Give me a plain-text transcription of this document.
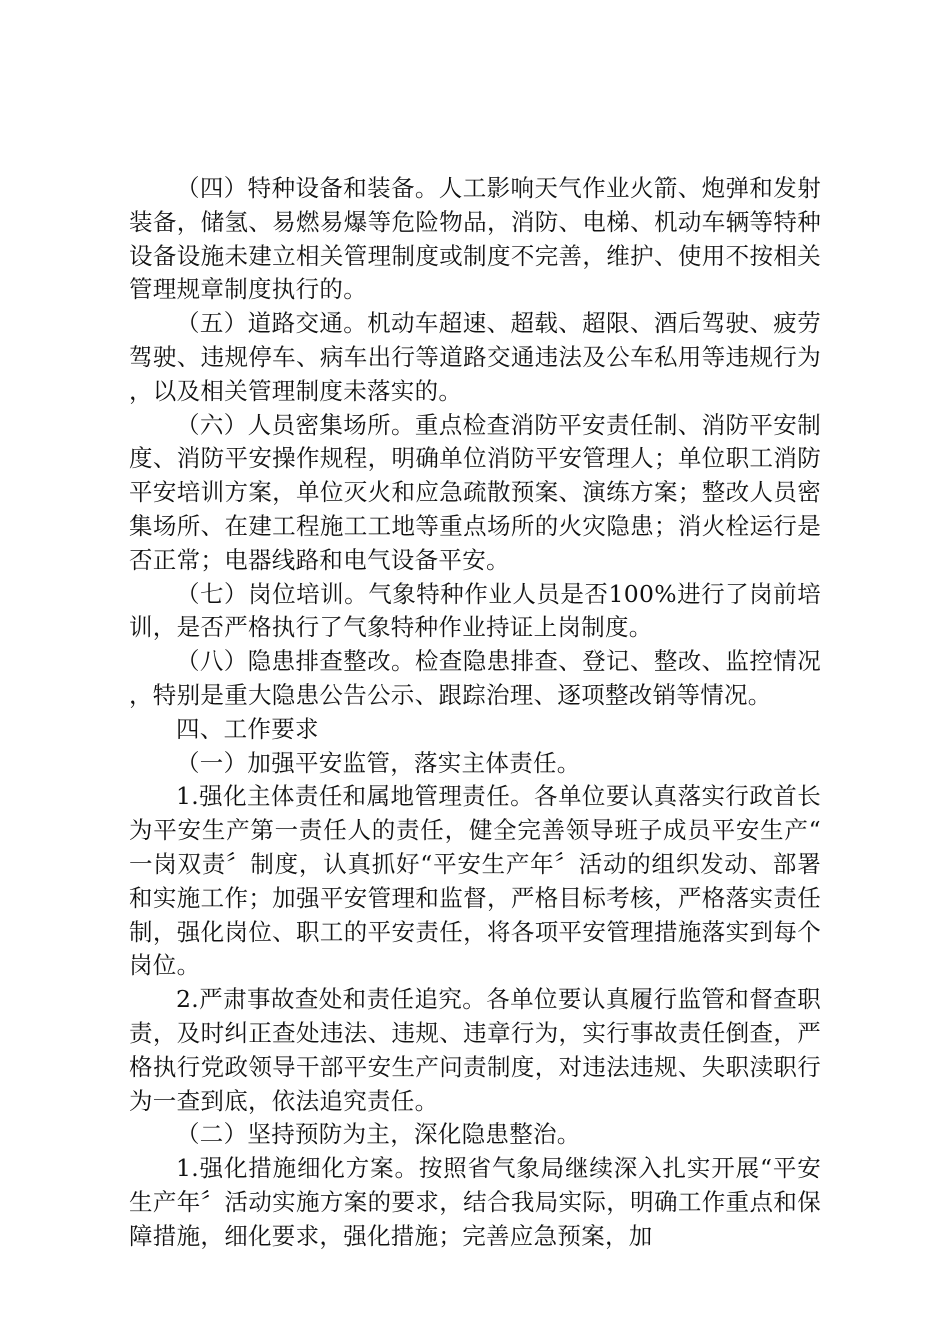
（四）特种设备和装备。人工影响天气作业火箭、炮弹和发射装备，储氢、易燃易爆等危险物品，消防、电梯、机动车辆等特种设备设施未建立相关管理制度或制度不完善，维护、使用不按相关管理规章制度执行的。

（五）道路交通。机动车超速、超载、超限、酒后驾驶、疲劳驾驶、违规停车、病车出行等道路交通违法及公车私用等违规行为，以及相关管理制度未落实的。

（六）人员密集场所。重点检查消防平安责任制、消防平安制度、消防平安操作规程，明确单位消防平安管理人；单位职工消防平安培训方案，单位灭火和应急疏散预案、演练方案；整改人员密集场所、在建工程施工工地等重点场所的火灾隐患；消火栓运行是否正常；电器线路和电气设备平安。

（七）岗位培训。气象特种作业人员是否100%进行了岗前培训，是否严格执行了气象特种作业持证上岗制度。

（八）隐患排查整改。检查隐患排查、登记、整改、监控情况，特别是重大隐患公告公示、跟踪治理、逐项整改销等情况。

四、工作要求

（一）加强平安监管，落实主体责任。

1.强化主体责任和属地管理责任。各单位要认真落实行政首长为平安生产第一责任人的责任，健全完善领导班子成员平安生产“一岗双责〞制度，认真抓好“平安生产年〞活动的组织发动、部署和实施工作；加强平安管理和监督，严格目标考核，严格落实责任制，强化岗位、职工的平安责任，将各项平安管理措施落实到每个岗位。

2.严肃事故查处和责任追究。各单位要认真履行监管和督查职责，及时纠正查处违法、违规、违章行为，实行事故责任倒查，严格执行党政领导干部平安生产问责制度，对违法违规、失职渎职行为一查到底，依法追究责任。

（二）坚持预防为主，深化隐患整治。

1.强化措施细化方案。按照省气象局继续深入扎实开展“平安生产年〞活动实施方案的要求，结合我局实际，明确工作重点和保障措施，细化要求，强化措施；完善应急预案，加
